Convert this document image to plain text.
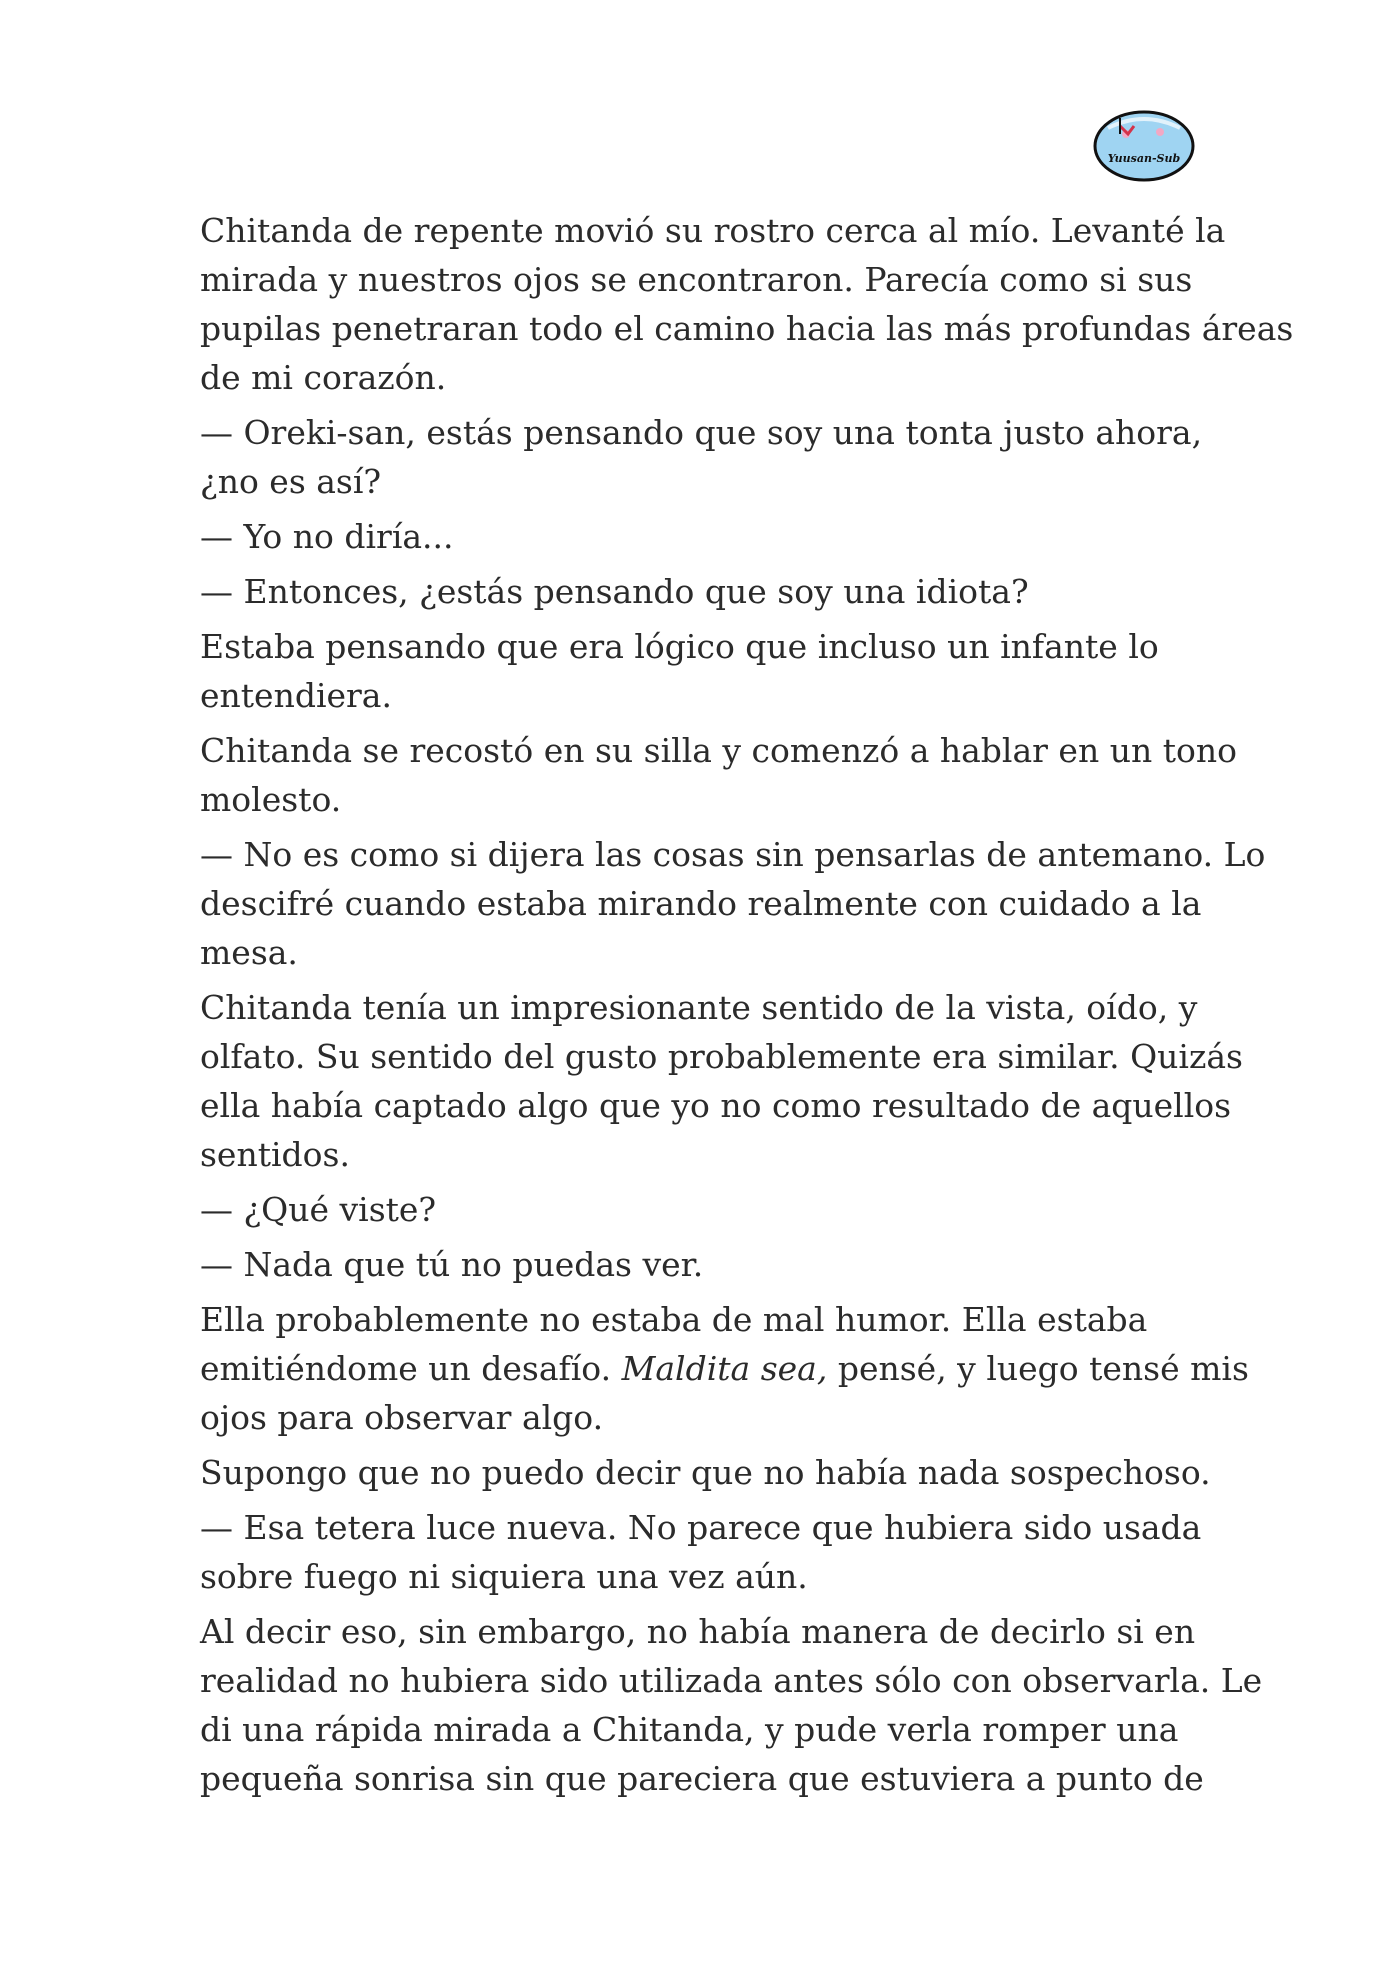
Yuusan-Sub

Chitanda de repente movió su rostro cerca al mío. Levanté la
mirada y nuestros ojos se encontraron. Parecía como si sus
pupilas penetraran todo el camino hacia las más profundas áreas
de mi corazón.

— Oreki-san, estás pensando que soy una tonta justo ahora,
¿no es así?

— Yo no diría...

— Entonces, ¿estás pensando que soy una idiota?

Estaba pensando que era lógico que incluso un infante lo
entendiera.

Chitanda se recostó en su silla y comenzó a hablar en un tono
molesto.

— No es como si dijera las cosas sin pensarlas de antemano. Lo
descifré cuando estaba mirando realmente con cuidado a la
mesa.

Chitanda tenía un impresionante sentido de la vista, oído, y
olfato. Su sentido del gusto probablemente era similar. Quizás
ella había captado algo que yo no como resultado de aquellos
sentidos.

— ¿Qué viste?

— Nada que tú no puedas ver.

Ella probablemente no estaba de mal humor. Ella estaba
emitiéndome un desafío. Maldita sea, pensé, y luego tensé mis
ojos para observar algo.

Supongo que no puedo decir que no había nada sospechoso.

— Esa tetera luce nueva. No parece que hubiera sido usada
sobre fuego ni siquiera una vez aún.

Al decir eso, sin embargo, no había manera de decirlo si en
realidad no hubiera sido utilizada antes sólo con observarla. Le
di una rápida mirada a Chitanda, y pude verla romper una
pequeña sonrisa sin que pareciera que estuviera a punto de
